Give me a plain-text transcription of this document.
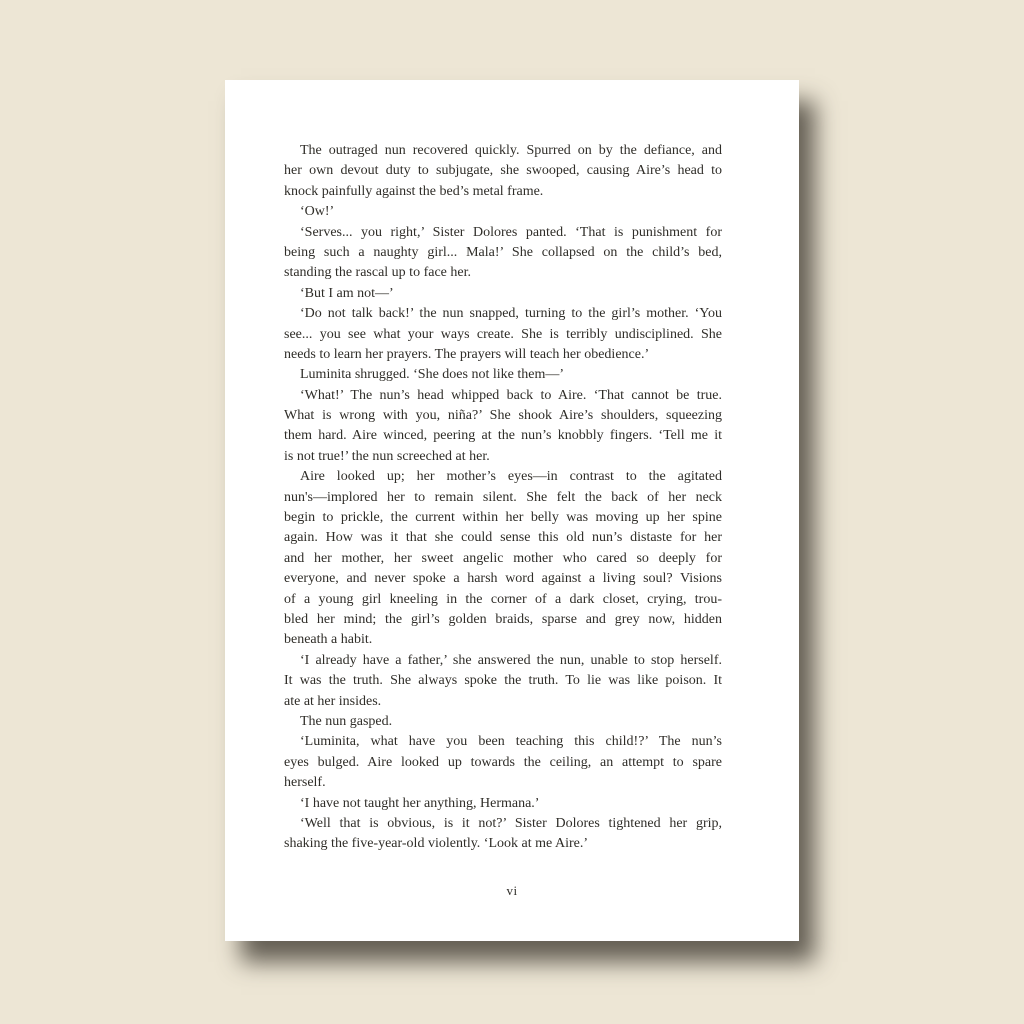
The outraged nun recovered quickly. Spurred on by the defiance, and
her own devout duty to subjugate, she swooped, causing Aire’s head to
knock painfully against the bed’s metal frame.
‘Ow!’
‘Serves... you right,’ Sister Dolores panted. ‘That is punishment for
being such a naughty girl... Mala!’ She collapsed on the child’s bed,
standing the rascal up to face her.
‘But I am not—’
‘Do not talk back!’ the nun snapped, turning to the girl’s mother. ‘You
see... you see what your ways create. She is terribly undisciplined. She
needs to learn her prayers. The prayers will teach her obedience.’
Luminita shrugged. ‘She does not like them—’
‘What!’ The nun’s head whipped back to Aire. ‘That cannot be true.
What is wrong with you, niña?’ She shook Aire’s shoulders, squeezing
them hard. Aire winced, peering at the nun’s knobbly fingers. ‘Tell me it
is not true!’ the nun screeched at her.
Aire looked up; her mother’s eyes—in contrast to the agitated
nun's—implored her to remain silent. She felt the back of her neck
begin to prickle, the current within her belly was moving up her spine
again. How was it that she could sense this old nun’s distaste for her
and her mother, her sweet angelic mother who cared so deeply for
everyone, and never spoke a harsh word against a living soul? Visions
of a young girl kneeling in the corner of a dark closet, crying, trou-
bled her mind; the girl’s golden braids, sparse and grey now, hidden
beneath a habit.
‘I already have a father,’ she answered the nun, unable to stop herself.
It was the truth. She always spoke the truth. To lie was like poison. It
ate at her insides.
The nun gasped.
‘Luminita, what have you been teaching this child!?’ The nun’s
eyes bulged. Aire looked up towards the ceiling, an attempt to spare
herself.
‘I have not taught her anything, Hermana.’
‘Well that is obvious, is it not?’ Sister Dolores tightened her grip,
shaking the five-year-old violently. ‘Look at me Aire.’
vi
